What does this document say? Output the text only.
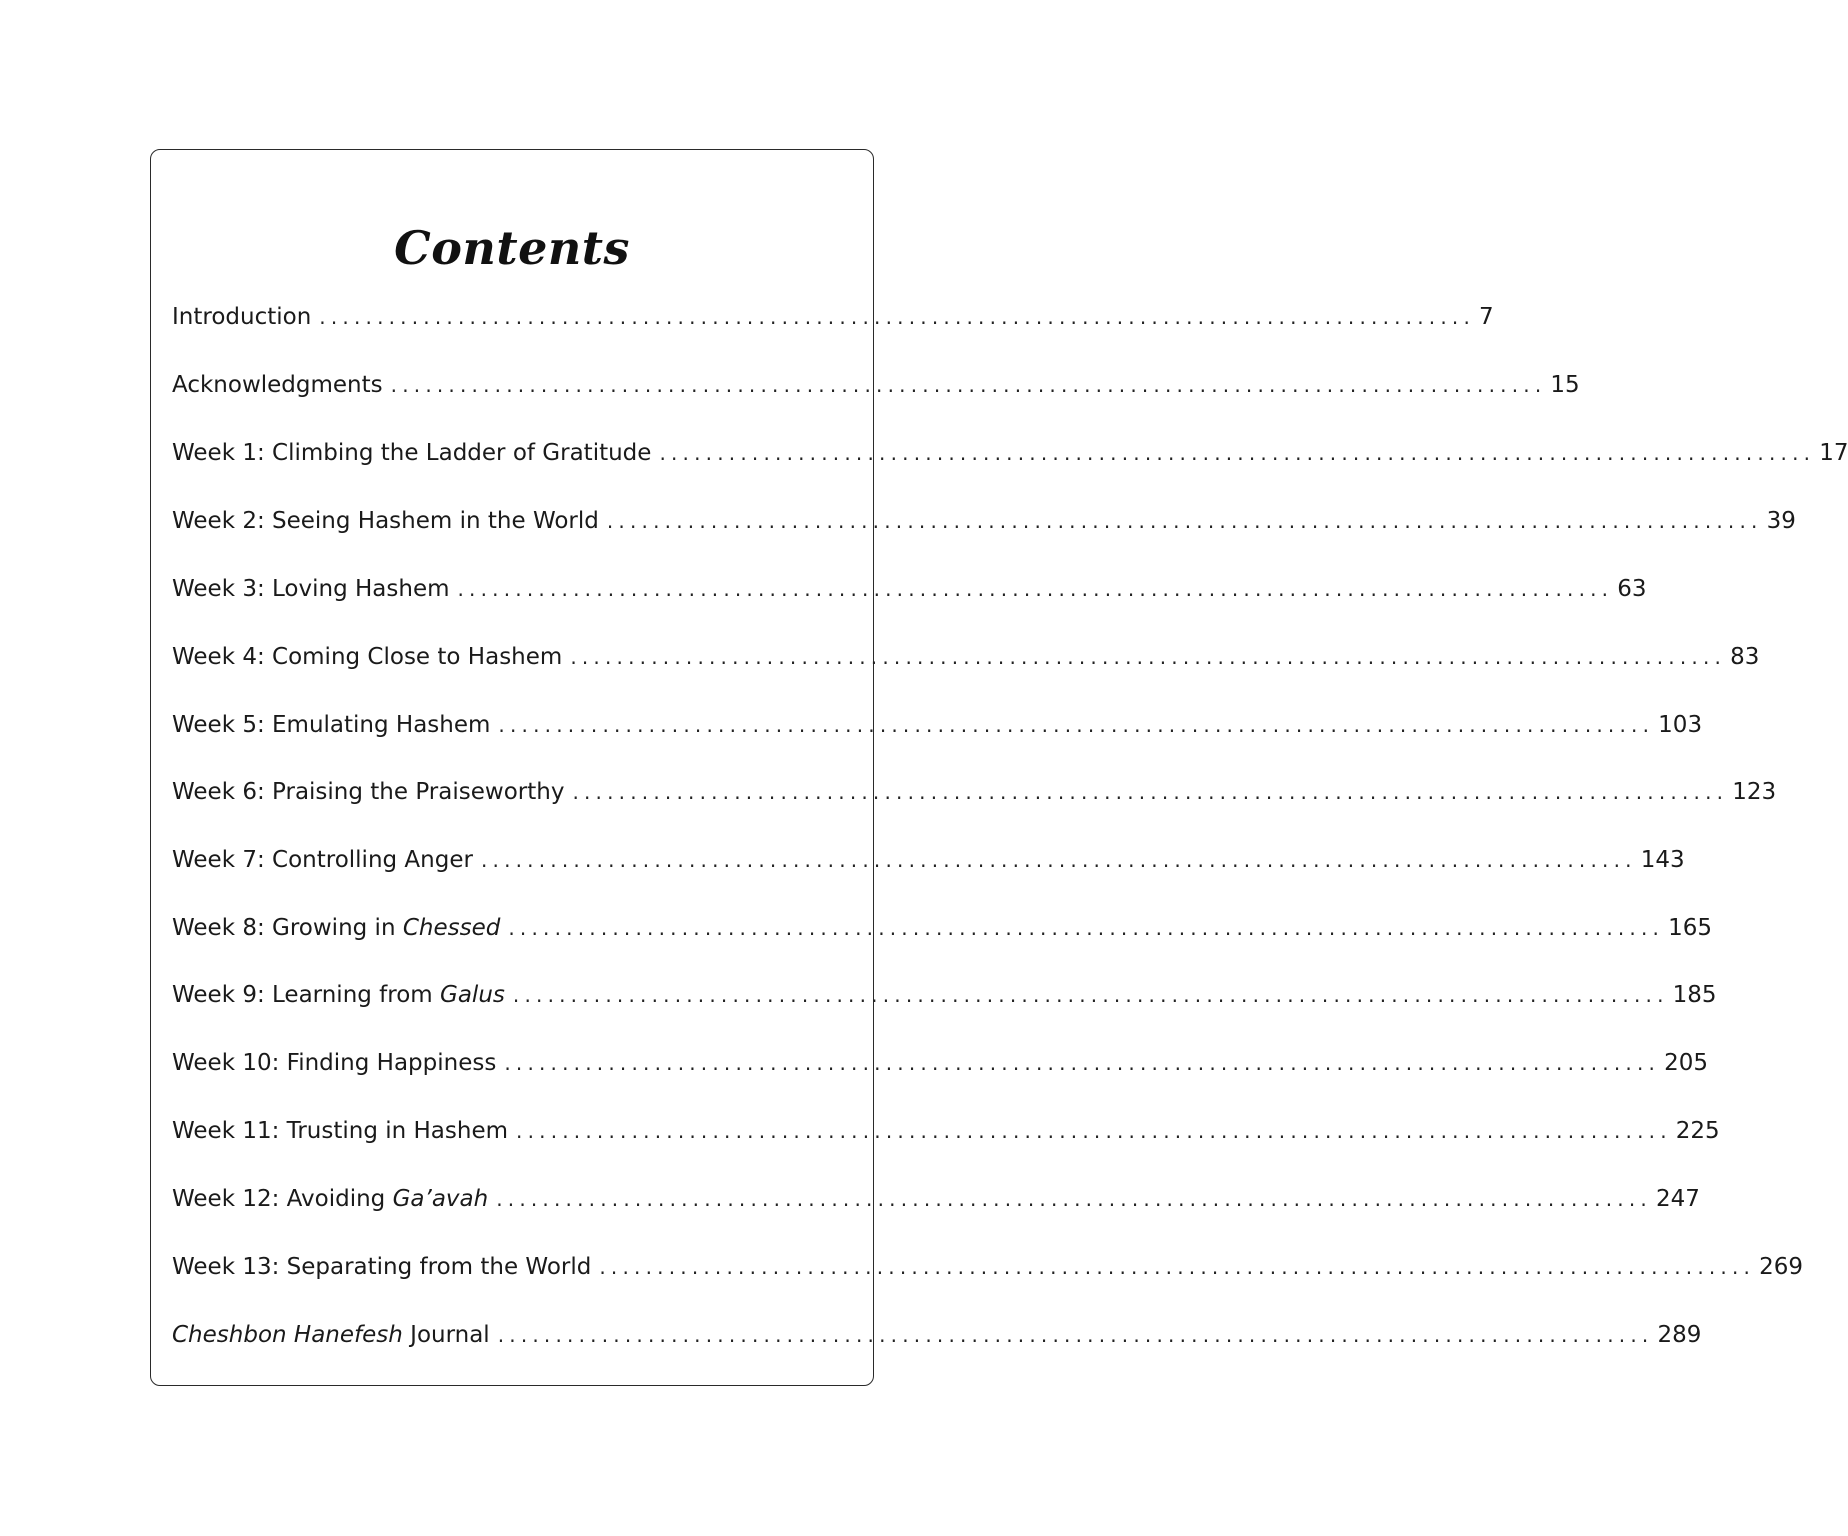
Contents
Introduction .................................................................................................... 7
Acknowledgments .................................................................................................... 15
Week 1: Climbing the Ladder of Gratitude .................................................................................................... 17
Week 2: Seeing Hashem in the World .................................................................................................... 39
Week 3: Loving Hashem .................................................................................................... 63
Week 4: Coming Close to Hashem .................................................................................................... 83
Week 5: Emulating Hashem .................................................................................................... 103
Week 6: Praising the Praiseworthy .................................................................................................... 123
Week 7: Controlling Anger .................................................................................................... 143
Week 8: Growing in Chessed .................................................................................................... 165
Week 9: Learning from Galus .................................................................................................... 185
Week 10: Finding Happiness .................................................................................................... 205
Week 11: Trusting in Hashem .................................................................................................... 225
Week 12: Avoiding Ga’avah .................................................................................................... 247
Week 13: Separating from the World .................................................................................................... 269
Cheshbon Hanefesh Journal .................................................................................................... 289
